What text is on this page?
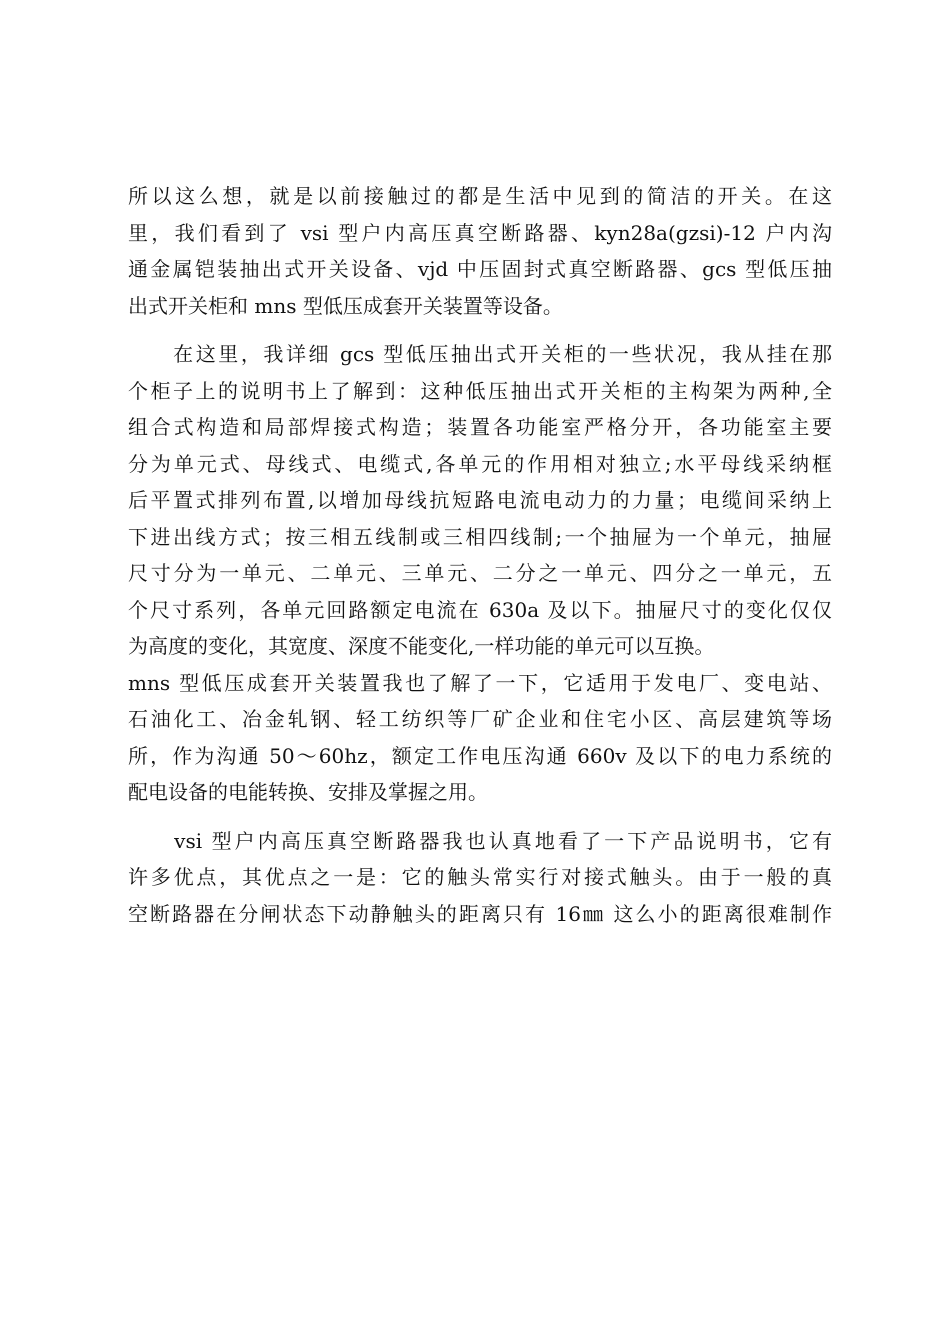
所以这么想，就是以前接触过的都是生活中见到的简洁的开关。在这
里，我们看到了 vsi 型户内高压真空断路器、kyn28a(gzsi)-12 户内沟
通金属铠装抽出式开关设备、vjd 中压固封式真空断路器、gcs 型低压抽
出式开关柜和 mns 型低压成套开关装置等设备。
　　在这里，我详细 gcs 型低压抽出式开关柜的一些状况，我从挂在那
个柜子上的说明书上了解到：这种低压抽出式开关柜的主构架为两种,全
组合式构造和局部焊接式构造；装置各功能室严格分开，各功能室主要
分为单元式、母线式、电缆式,各单元的作用相对独立;水平母线采纳框
后平置式排列布置,以增加母线抗短路电流电动力的力量；电缆间采纳上
下进出线方式；按三相五线制或三相四线制;一个抽屉为一个单元，抽屉
尺寸分为一单元、二单元、三单元、二分之一单元、四分之一单元，五
个尺寸系列，各单元回路额定电流在 630a 及以下。抽屉尺寸的变化仅仅
为高度的变化，其宽度、深度不能变化,一样功能的单元可以互换。
mns 型低压成套开关装置我也了解了一下，它适用于发电厂、变电站、
石油化工、冶金轧钢、轻工纺织等厂矿企业和住宅小区、高层建筑等场
所，作为沟通 50～60hz，额定工作电压沟通 660v 及以下的电力系统的
配电设备的电能转换、安排及掌握之用。
　　vsi 型户内高压真空断路器我也认真地看了一下产品说明书，它有
许多优点，其优点之一是：它的触头常实行对接式触头。由于一般的真
空断路器在分闸状态下动静触头的距离只有 16㎜ 这么小的距离很难制作
